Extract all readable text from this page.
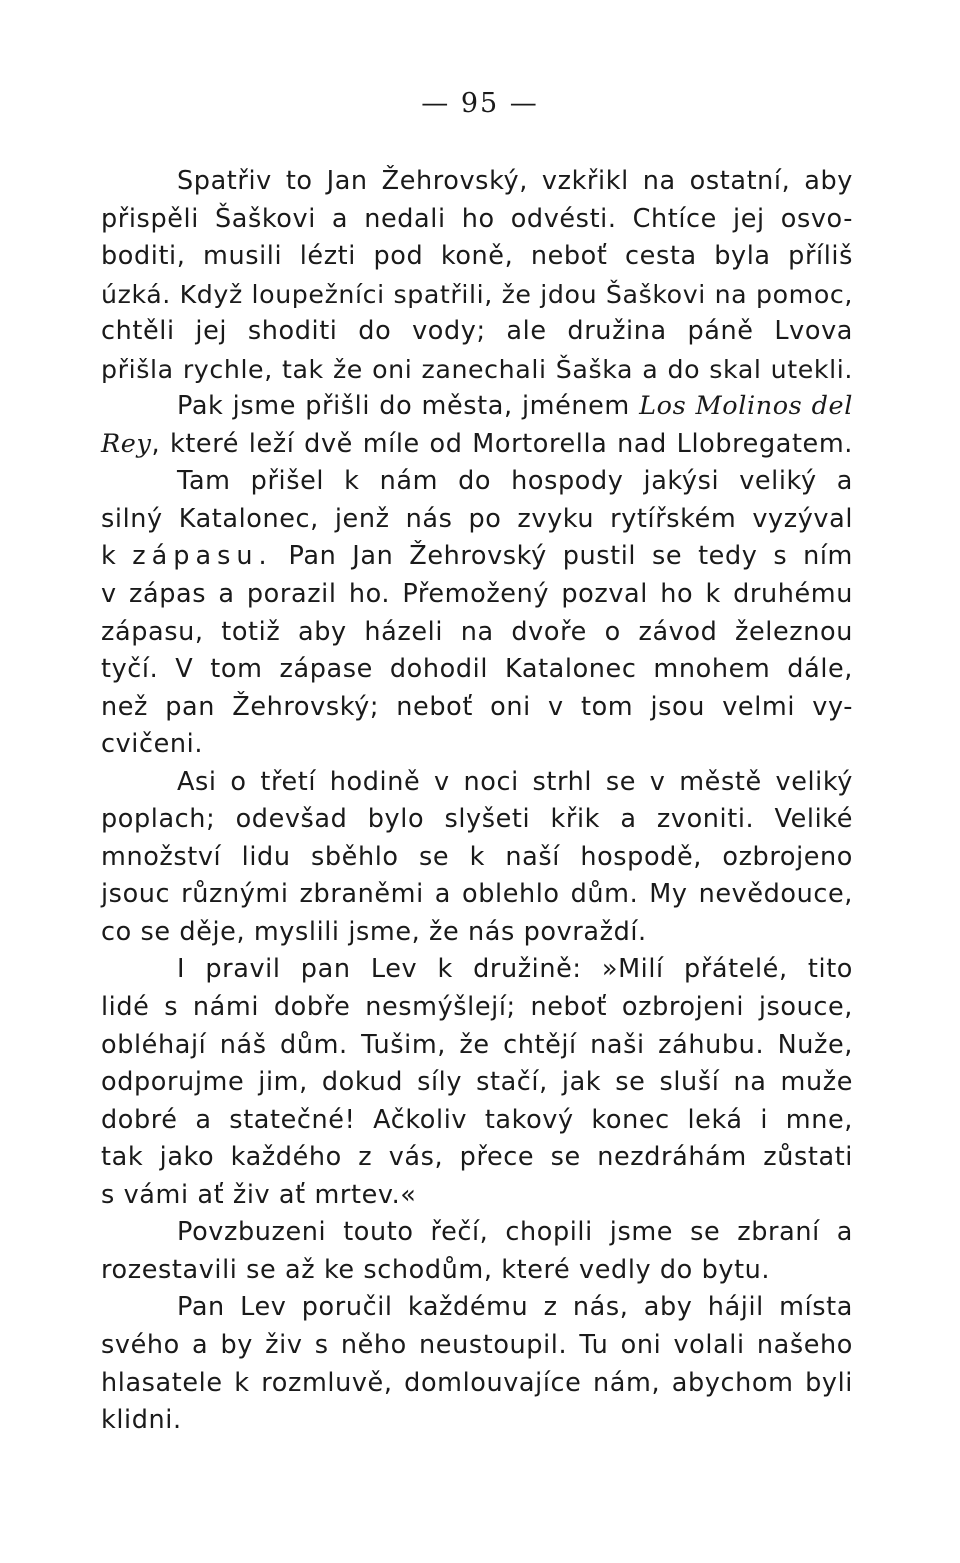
— 95 —
Spatřiv to Jan Žehrovský, vzkřikl na ostatní, aby
přispěli Šaškovi a nedali ho odvésti. Chtíce jej osvo-
boditi, musili lézti pod koně, neboť cesta byla příliš
úzká. Když loupežníci spatřili, že jdou Šaškovi na pomoc,
chtěli jej shoditi do vody; ale družina páně Lvova
přišla rychle, tak že oni zanechali Šaška a do skal utekli.
Pak jsme přišli do města, jménem Los Molinos del
Rey, které leží dvě míle od Mortorella nad Llobregatem.
Tam přišel k nám do hospody jakýsi veliký a
silný Katalonec, jenž nás po zvyku rytířském vyzýval
k zápasu. Pan Jan Žehrovský pustil se tedy s ním
v zápas a porazil ho. Přemožený pozval ho k druhému
zápasu, totiž aby házeli na dvoře o závod železnou
tyčí. V tom zápase dohodil Katalonec mnohem dále,
než pan Žehrovský; neboť oni v tom jsou velmi vy-
cvičeni.
Asi o třetí hodině v noci strhl se v městě veliký
poplach; odevšad bylo slyšeti křik a zvoniti. Veliké
množství lidu sběhlo se k naší hospodě, ozbrojeno
jsouc různými zbraněmi a oblehlo dům. My nevědouce,
co se děje, myslili jsme, že nás povraždí.
I pravil pan Lev k družině: »Milí přátelé, tito
lidé s námi dobře nesmýšlejí; neboť ozbrojeni jsouce,
obléhají náš dům. Tušim, že chtějí naši záhubu. Nuže,
odporujme jim, dokud síly stačí, jak se sluší na muže
dobré a statečné! Ačkoliv takový konec leká i mne,
tak jako každého z vás, přece se nezdráhám zůstati
s vámi ať živ ať mrtev.«
Povzbuzeni touto řečí, chopili jsme se zbraní a
rozestavili se až ke schodům, které vedly do bytu.
Pan Lev poručil každému z nás, aby hájil místa
svého a by živ s něho neustoupil. Tu oni volali našeho
hlasatele k rozmluvě, domlouvajíce nám, abychom byli
klidni.
